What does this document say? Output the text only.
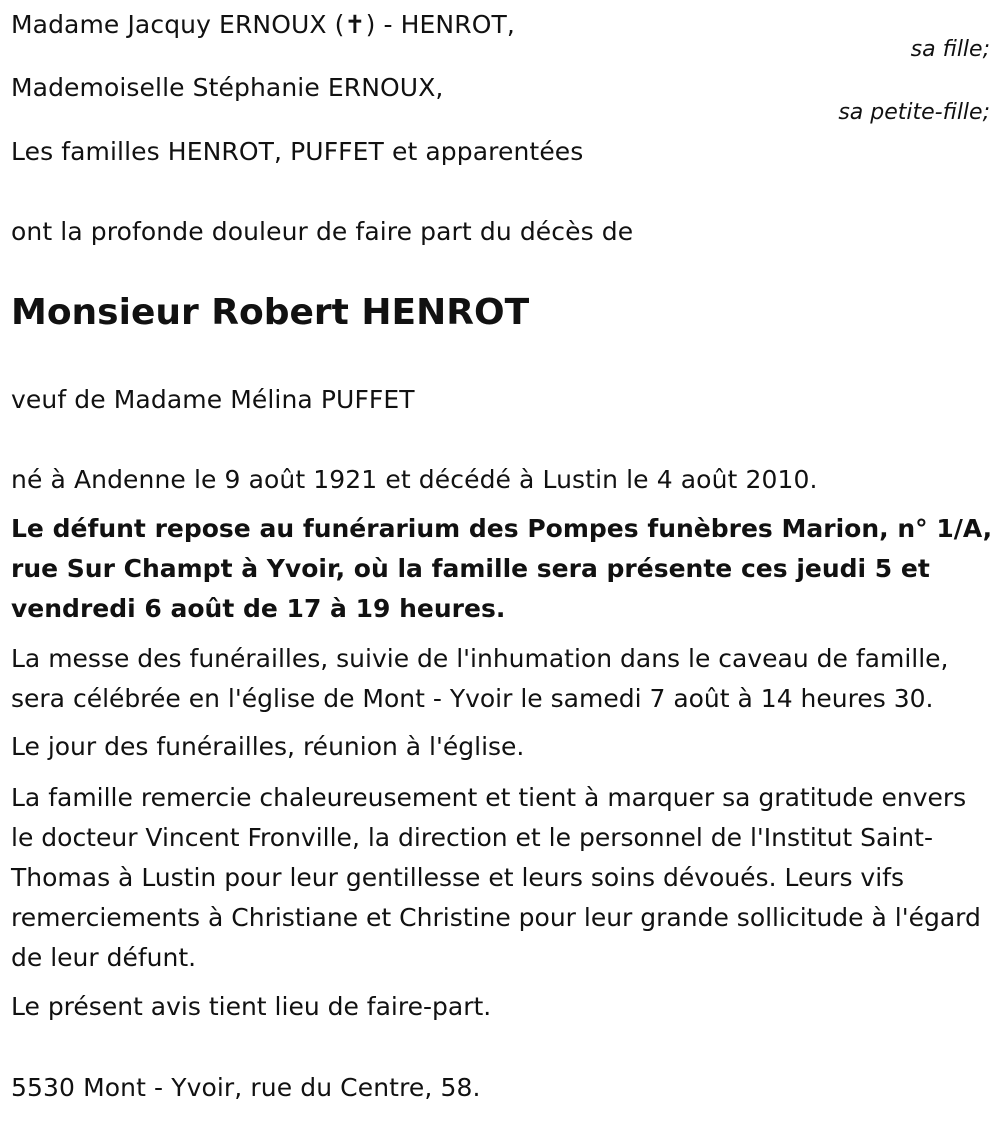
Madame Jacquy ERNOUX (✝) - HENROT,
sa fille;
Mademoiselle Stéphanie ERNOUX,
sa petite-fille;
Les familles HENROT, PUFFET et apparentées
ont la profonde douleur de faire part du décès de
Monsieur Robert HENROT
veuf de Madame Mélina PUFFET
né à Andenne le 9 août 1921 et décédé à Lustin le 4 août 2010.
Le défunt repose au funérarium des Pompes funèbres Marion, n° 1/A, rue Sur Champt à Yvoir, où la famille sera présente ces jeudi 5 et vendredi 6 août de 17 à 19 heures.
La messe des funérailles, suivie de l'inhumation dans le caveau de famille, sera célébrée en l'église de Mont - Yvoir le samedi 7 août à 14 heures 30.
Le jour des funérailles, réunion à l'église.
La famille remercie chaleureusement et tient à marquer sa gratitude envers le docteur Vincent Fronville, la direction et le personnel de l'Institut Saint-Thomas à Lustin pour leur gentillesse et leurs soins dévoués. Leurs vifs remerciements à Christiane et Christine pour leur grande sollicitude à l'égard de leur défunt.
Le présent avis tient lieu de faire-part.
5530 Mont - Yvoir, rue du Centre, 58.
